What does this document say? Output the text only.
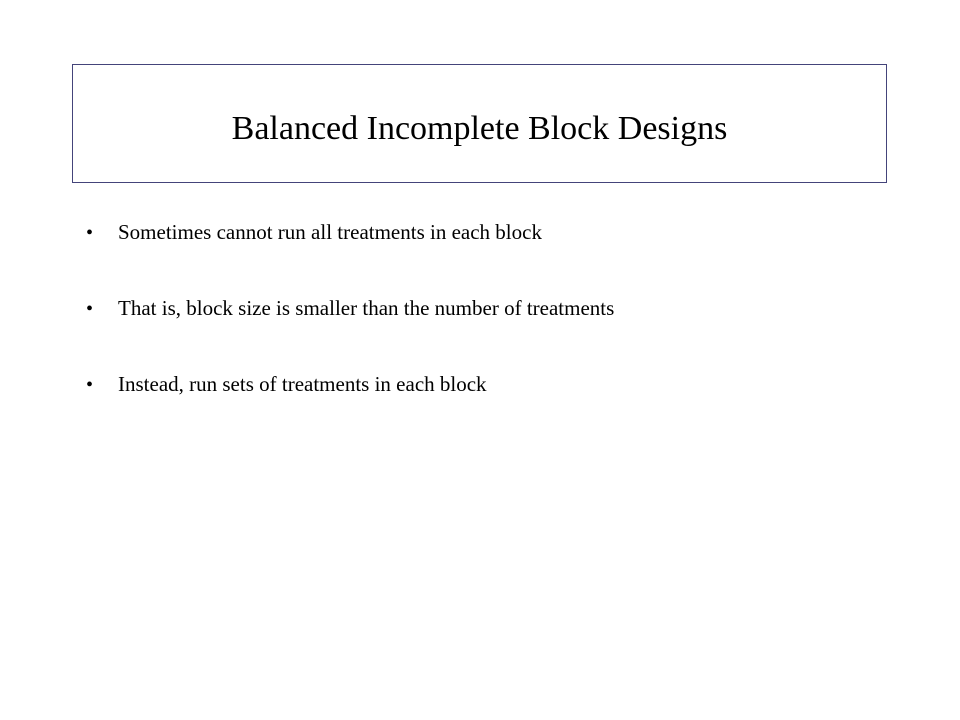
Balanced Incomplete Block Designs
•	Sometimes cannot run all treatments in each block
•	That is, block size is smaller than the number of treatments
•	Instead, run sets of treatments in each block
